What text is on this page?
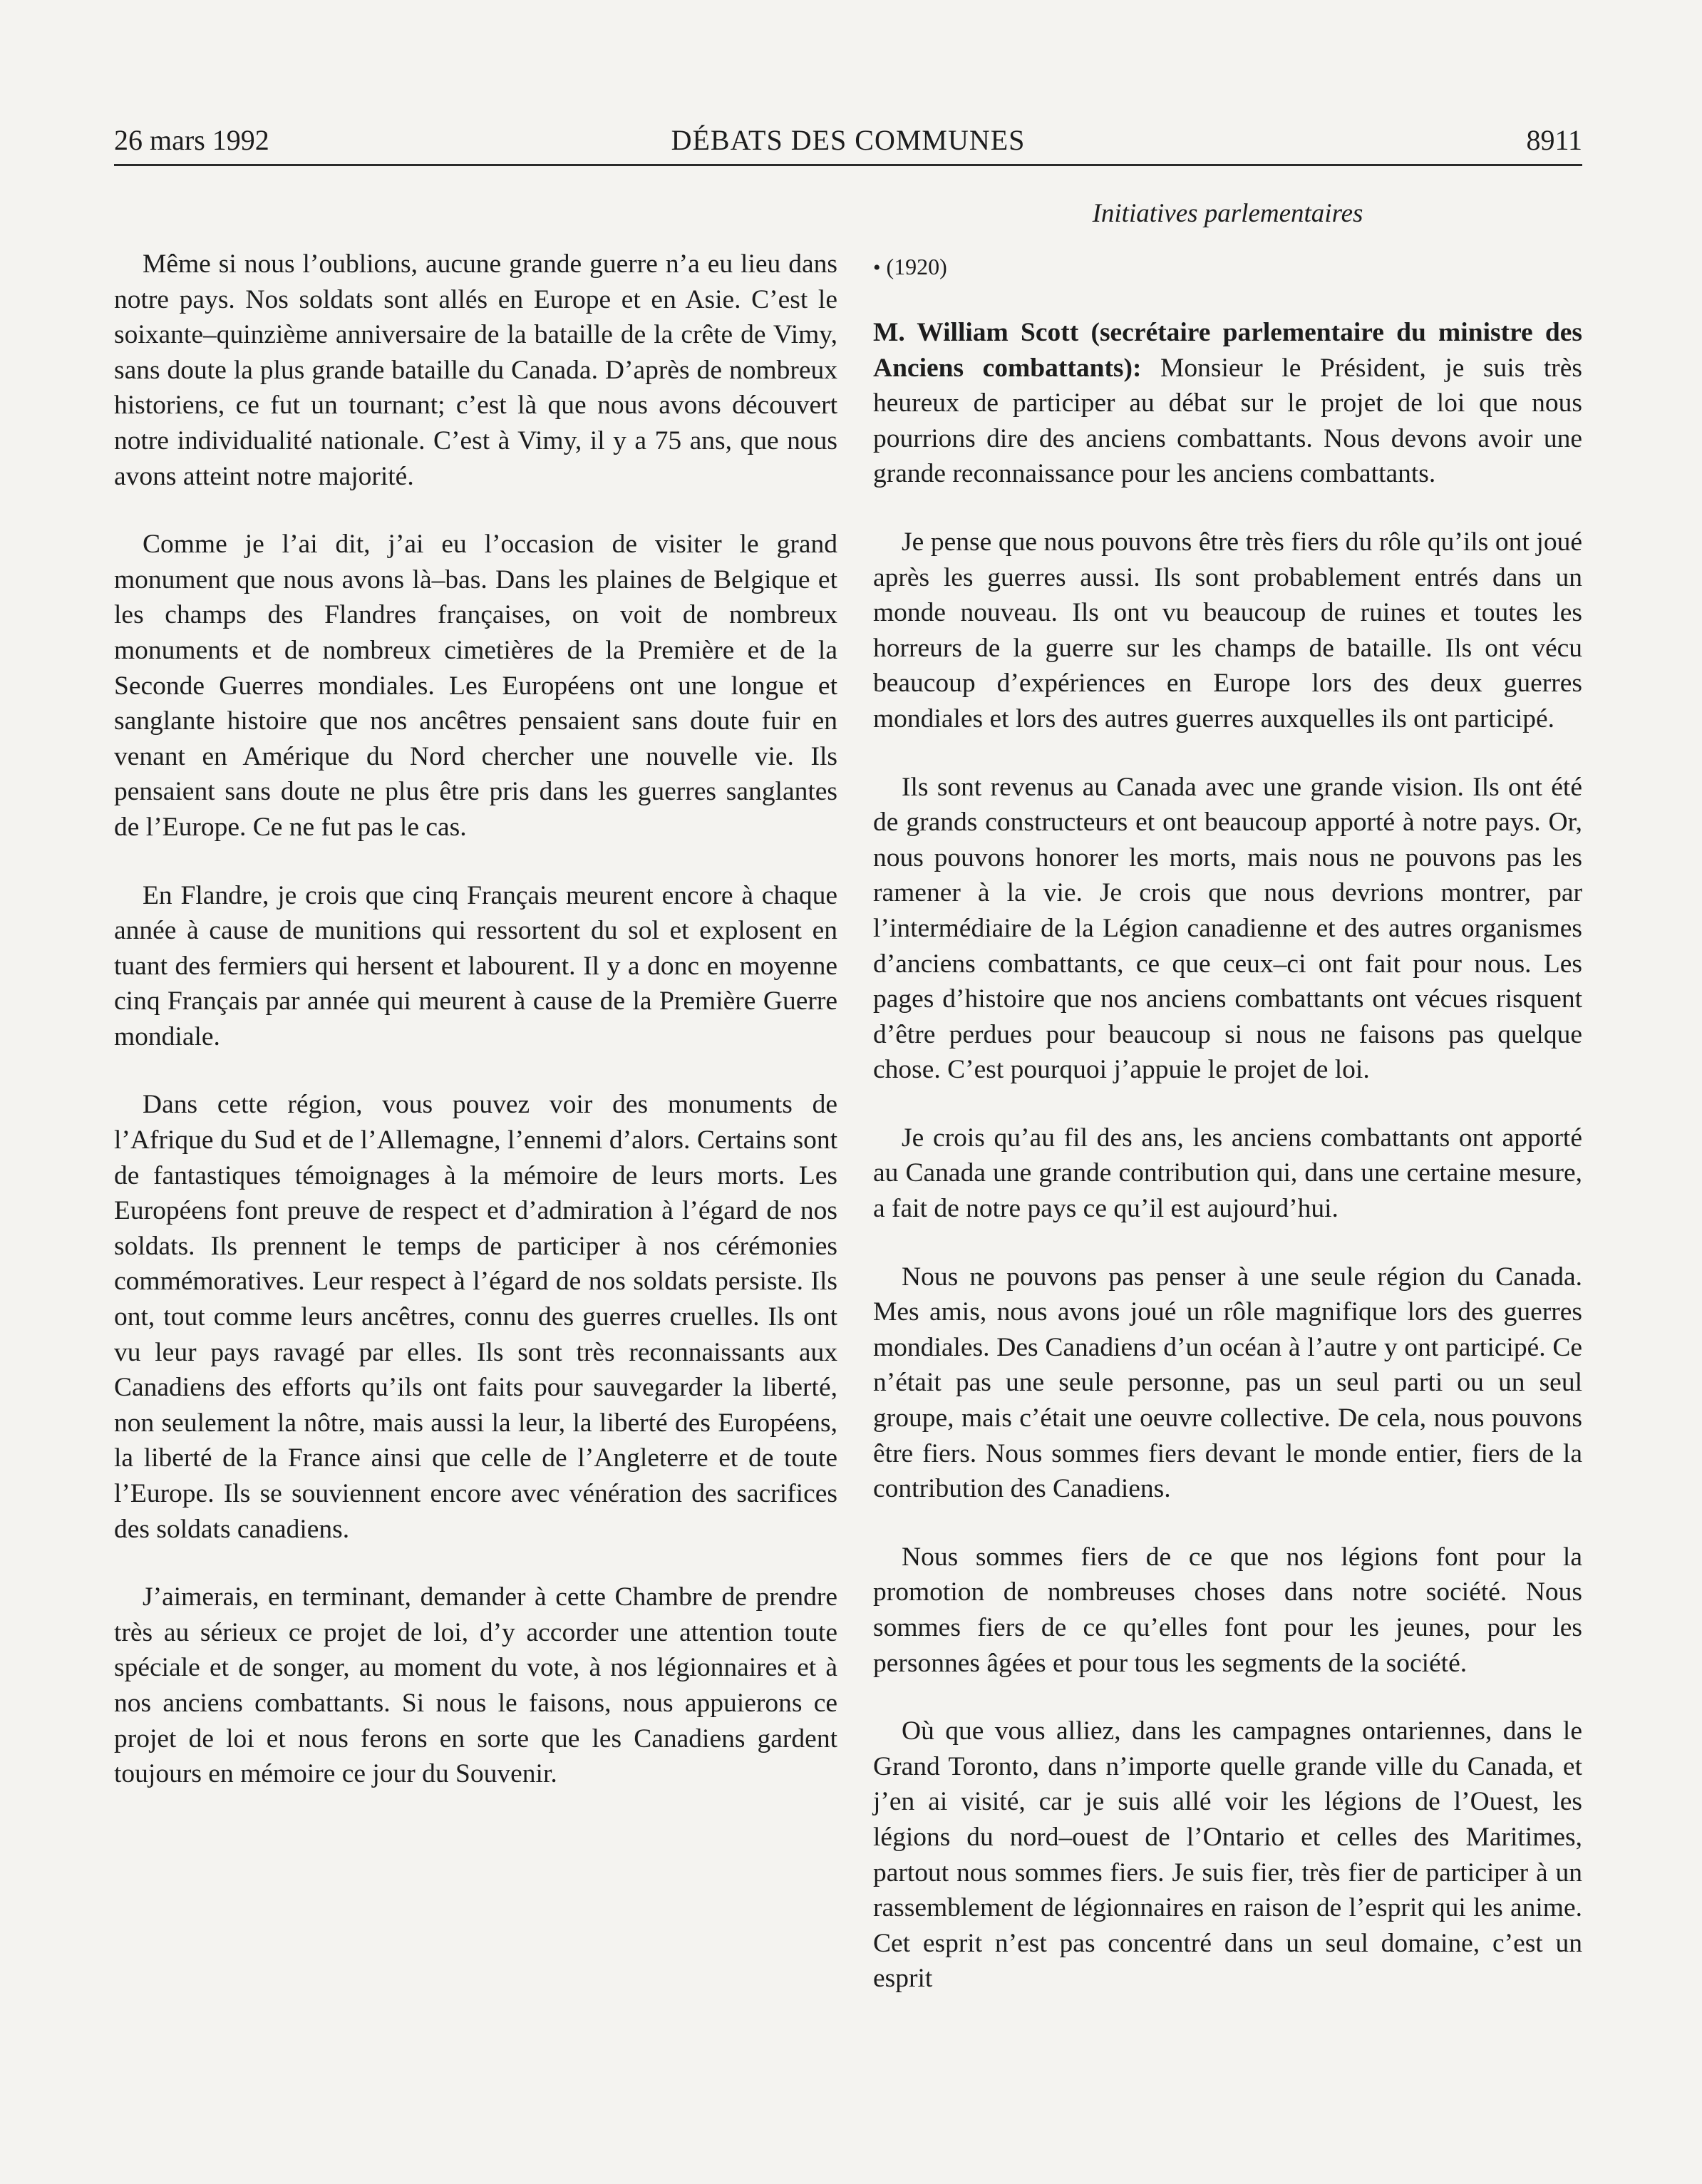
26 mars 1992	DÉBATS DES COMMUNES	8911
Initiatives parlementaires

Même si nous l’oublions, aucune grande guerre n’a eu lieu dans notre pays. Nos soldats sont allés en Europe et en Asie. C’est le soixante–quinzième anniversaire de la bataille de la crête de Vimy, sans doute la plus grande bataille du Canada. D’après de nombreux historiens, ce fut un tournant; c’est là que nous avons découvert notre individualité nationale. C’est à Vimy, il y a 75 ans, que nous avons atteint notre majorité.

Comme je l’ai dit, j’ai eu l’occasion de visiter le grand monument que nous avons là–bas. Dans les plaines de Belgique et les champs des Flandres françaises, on voit de nombreux monuments et de nombreux cimetières de la Première et de la Seconde Guerres mondiales. Les Européens ont une longue et sanglante histoire que nos ancêtres pensaient sans doute fuir en venant en Amérique du Nord chercher une nouvelle vie. Ils pensaient sans doute ne plus être pris dans les guerres sanglantes de l’Europe. Ce ne fut pas le cas.

En Flandre, je crois que cinq Français meurent encore à chaque année à cause de munitions qui ressortent du sol et explosent en tuant des fermiers qui hersent et labourent. Il y a donc en moyenne cinq Français par année qui meurent à cause de la Première Guerre mondiale.

Dans cette région, vous pouvez voir des monuments de l’Afrique du Sud et de l’Allemagne, l’ennemi d’alors. Certains sont de fantastiques témoignages à la mémoire de leurs morts. Les Européens font preuve de respect et d’admiration à l’égard de nos soldats. Ils prennent le temps de participer à nos cérémonies commémoratives. Leur respect à l’égard de nos soldats persiste. Ils ont, tout comme leurs ancêtres, connu des guerres cruelles. Ils ont vu leur pays ravagé par elles. Ils sont très reconnaissants aux Canadiens des efforts qu’ils ont faits pour sauvegarder la liberté, non seulement la nôtre, mais aussi la leur, la liberté des Européens, la liberté de la France ainsi que celle de l’Angleterre et de toute l’Europe. Ils se souviennent encore avec vénération des sacrifices des soldats canadiens.

J’aimerais, en terminant, demander à cette Chambre de prendre très au sérieux ce projet de loi, d’y accorder une attention toute spéciale et de songer, au moment du vote, à nos légionnaires et à nos anciens combattants. Si nous le faisons, nous appuierons ce projet de loi et nous ferons en sorte que les Canadiens gardent toujours en mémoire ce jour du Souvenir.

• (1920)

M. William Scott (secrétaire parlementaire du ministre des Anciens combattants): Monsieur le Président, je suis très heureux de participer au débat sur le projet de loi que nous pourrions dire des anciens combattants. Nous devons avoir une grande reconnaissance pour les anciens combattants.

Je pense que nous pouvons être très fiers du rôle qu’ils ont joué après les guerres aussi. Ils sont probablement entrés dans un monde nouveau. Ils ont vu beaucoup de ruines et toutes les horreurs de la guerre sur les champs de bataille. Ils ont vécu beaucoup d’expériences en Europe lors des deux guerres mondiales et lors des autres guerres auxquelles ils ont participé.

Ils sont revenus au Canada avec une grande vision. Ils ont été de grands constructeurs et ont beaucoup apporté à notre pays. Or, nous pouvons honorer les morts, mais nous ne pouvons pas les ramener à la vie. Je crois que nous devrions montrer, par l’intermédiaire de la Légion canadienne et des autres organismes d’anciens combattants, ce que ceux–ci ont fait pour nous. Les pages d’histoire que nos anciens combattants ont vécues risquent d’être perdues pour beaucoup si nous ne faisons pas quelque chose. C’est pourquoi j’appuie le projet de loi.

Je crois qu’au fil des ans, les anciens combattants ont apporté au Canada une grande contribution qui, dans une certaine mesure, a fait de notre pays ce qu’il est aujourd’hui.

Nous ne pouvons pas penser à une seule région du Canada. Mes amis, nous avons joué un rôle magnifique lors des guerres mondiales. Des Canadiens d’un océan à l’autre y ont participé. Ce n’était pas une seule personne, pas un seul parti ou un seul groupe, mais c’était une oeuvre collective. De cela, nous pouvons être fiers. Nous sommes fiers devant le monde entier, fiers de la contribution des Canadiens.

Nous sommes fiers de ce que nos légions font pour la promotion de nombreuses choses dans notre société. Nous sommes fiers de ce qu’elles font pour les jeunes, pour les personnes âgées et pour tous les segments de la société.

Où que vous alliez, dans les campagnes ontariennes, dans le Grand Toronto, dans n’importe quelle grande ville du Canada, et j’en ai visité, car je suis allé voir les légions de l’Ouest, les légions du nord–ouest de l’Ontario et celles des Maritimes, partout nous sommes fiers. Je suis fier, très fier de participer à un rassemblement de légionnaires en raison de l’esprit qui les anime. Cet esprit n’est pas concentré dans un seul domaine, c’est un esprit
